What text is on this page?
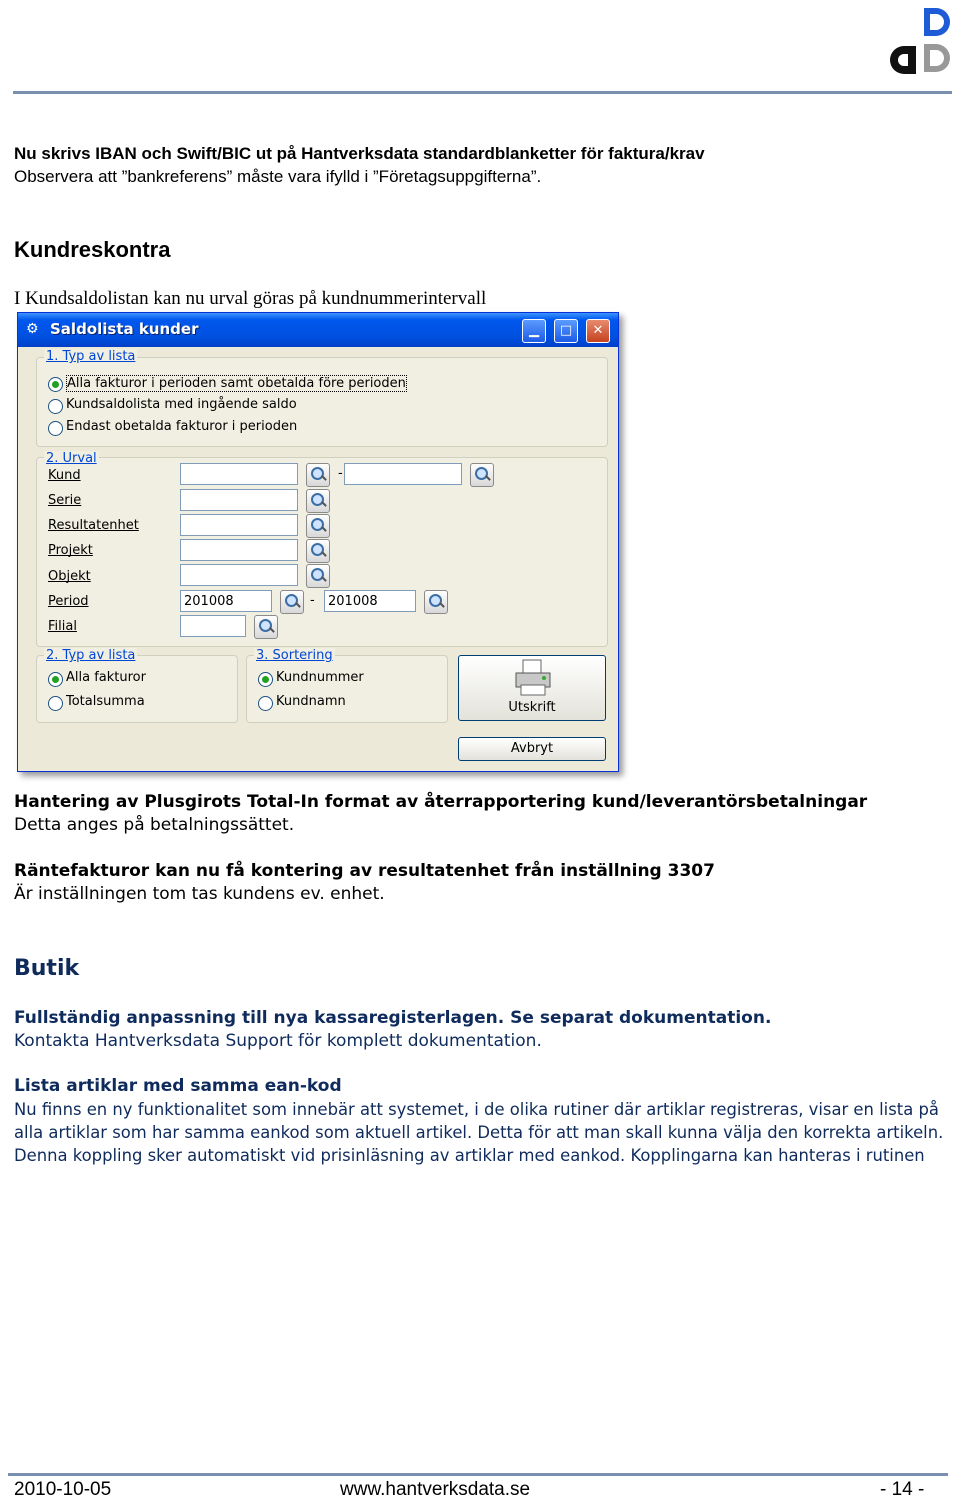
Nu skrivs IBAN och Swift/BIC ut på Hantverksdata standardblanketter för faktura/krav
Observera att ”bankreferens” måste vara ifylld i ”Företagsuppgifterna”.
Kundreskontra
I Kundsaldolistan kan nu urval göras på kundnummerintervall
⚙ Saldolista kunder	▁	□	✕
1. Typ av lista
Alla fakturor i perioden samt obetalda före perioden
Kundsaldolista med ingående saldo
Endast obetalda fakturor i perioden
2. Urval
Kund	-
Serie
Resultatenhet
Projekt
Objekt
Period	201008	-	201008
Filial
2. Typ av lista
Alla fakturor
Totalsumma
3. Sortering
Kundnummer
Kundnamn	Utskrift
Avbryt
Hantering av Plusgirots Total-In format av återrapportering kund/leverantörsbetalningar
Detta anges på betalningssättet.
Räntefakturor kan nu få kontering av resultatenhet från inställning 3307
Är inställningen tom tas kundens ev. enhet.
Butik
Fullständig anpassning till nya kassaregisterlagen. Se separat dokumentation.
Kontakta Hantverksdata Support för komplett dokumentation.
Lista artiklar med samma ean-kod
Nu finns en ny funktionalitet som innebär att systemet, i de olika rutiner där artiklar registreras, visar en lista på
alla artiklar som har samma eankod som aktuell artikel. Detta för att man skall kunna välja den korrekta artikeln.
Denna koppling sker automatiskt vid prisinläsning av artiklar med eankod. Kopplingarna kan hanteras i rutinen
2010-10-05	www.hantverksdata.se	- 14 -
